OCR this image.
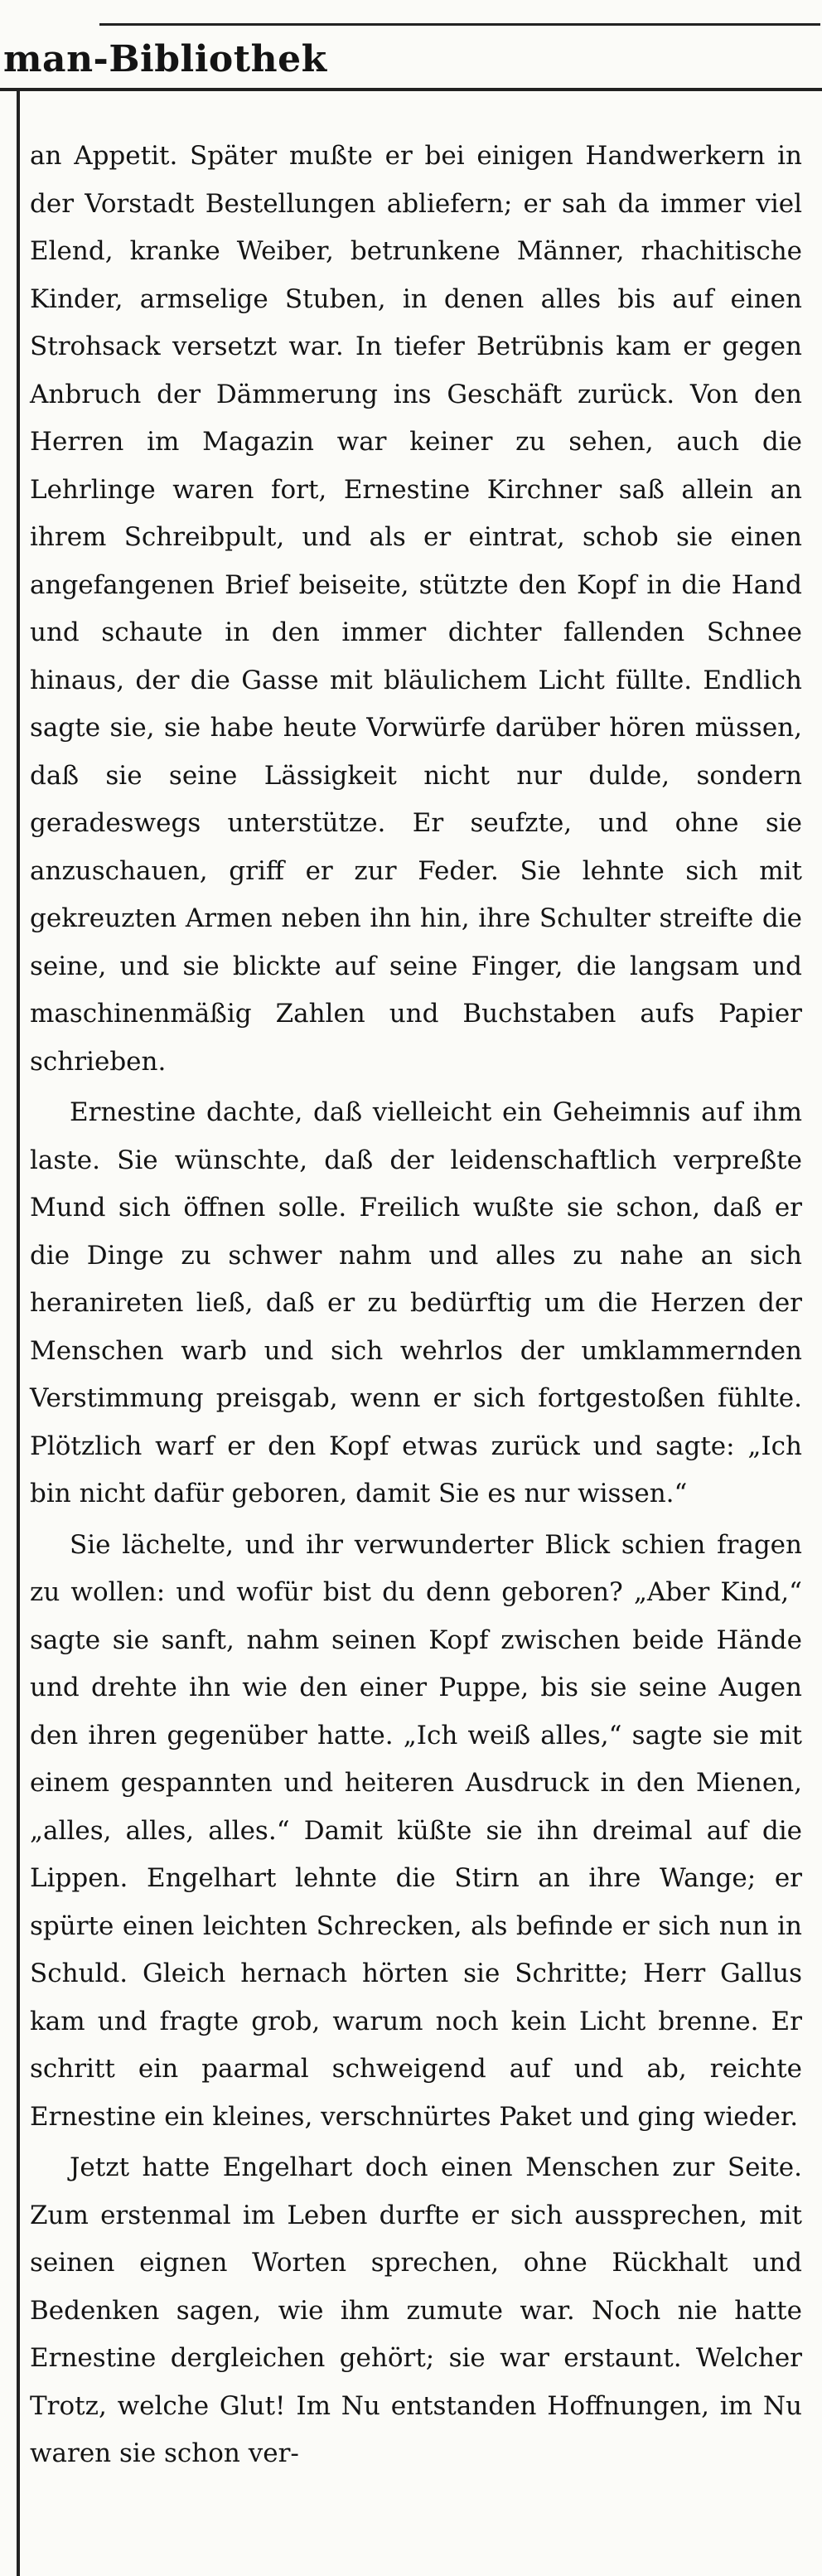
man-Bibliothek

an Appetit. Später mußte er bei einigen Handwerkern in der Vorstadt Bestellungen abliefern; er sah da immer viel Elend, kranke Weiber, betrunkene Männer, rhachitische Kinder, armselige Stuben, in denen alles bis auf einen Strohsack versetzt war. In tiefer Betrübnis kam er gegen Anbruch der Dämmerung ins Geschäft zurück. Von den Herren im Magazin war keiner zu sehen, auch die Lehrlinge waren fort, Ernestine Kirchner saß allein an ihrem Schreibpult, und als er eintrat, schob sie einen angefangenen Brief beiseite, stützte den Kopf in die Hand und schaute in den immer dichter fallenden Schnee hinaus, der die Gasse mit bläulichem Licht füllte. Endlich sagte sie, sie habe heute Vorwürfe darüber hören müssen, daß sie seine Lässigkeit nicht nur dulde, sondern geradeswegs unterstütze. Er seufzte, und ohne sie anzuschauen, griff er zur Feder. Sie lehnte sich mit gekreuzten Armen neben ihn hin, ihre Schulter streifte die seine, und sie blickte auf seine Finger, die langsam und maschinenmäßig Zahlen und Buchstaben aufs Papier schrieben.

Ernestine dachte, daß vielleicht ein Geheimnis auf ihm laste. Sie wünschte, daß der leidenschaftlich verpreßte Mund sich öffnen solle. Freilich wußte sie schon, daß er die Dinge zu schwer nahm und alles zu nahe an sich heranireten ließ, daß er zu bedürftig um die Herzen der Menschen warb und sich wehrlos der umklammernden Verstimmung preisgab, wenn er sich fortgestoßen fühlte. Plötzlich warf er den Kopf etwas zurück und sagte: „Ich bin nicht dafür geboren, damit Sie es nur wissen.“

Sie lächelte, und ihr verwunderter Blick schien fragen zu wollen: und wofür bist du denn geboren? „Aber Kind,“ sagte sie sanft, nahm seinen Kopf zwischen beide Hände und drehte ihn wie den einer Puppe, bis sie seine Augen den ihren gegenüber hatte. „Ich weiß alles,“ sagte sie mit einem gespannten und heiteren Ausdruck in den Mienen, „alles, alles, alles.“ Damit küßte sie ihn dreimal auf die Lippen. Engelhart lehnte die Stirn an ihre Wange; er spürte einen leichten Schrecken, als befinde er sich nun in Schuld. Gleich hernach hörten sie Schritte; Herr Gallus kam und fragte grob, warum noch kein Licht brenne. Er schritt ein paarmal schweigend auf und ab, reichte Ernestine ein kleines, verschnürtes Paket und ging wieder.

Jetzt hatte Engelhart doch einen Menschen zur Seite. Zum erstenmal im Leben durfte er sich aussprechen, mit seinen eignen Worten sprechen, ohne Rückhalt und Bedenken sagen, wie ihm zumute war. Noch nie hatte Ernestine dergleichen gehört; sie war erstaunt. Welcher Trotz, welche Glut! Im Nu entstanden Hoffnungen, im Nu waren sie schon ver-
